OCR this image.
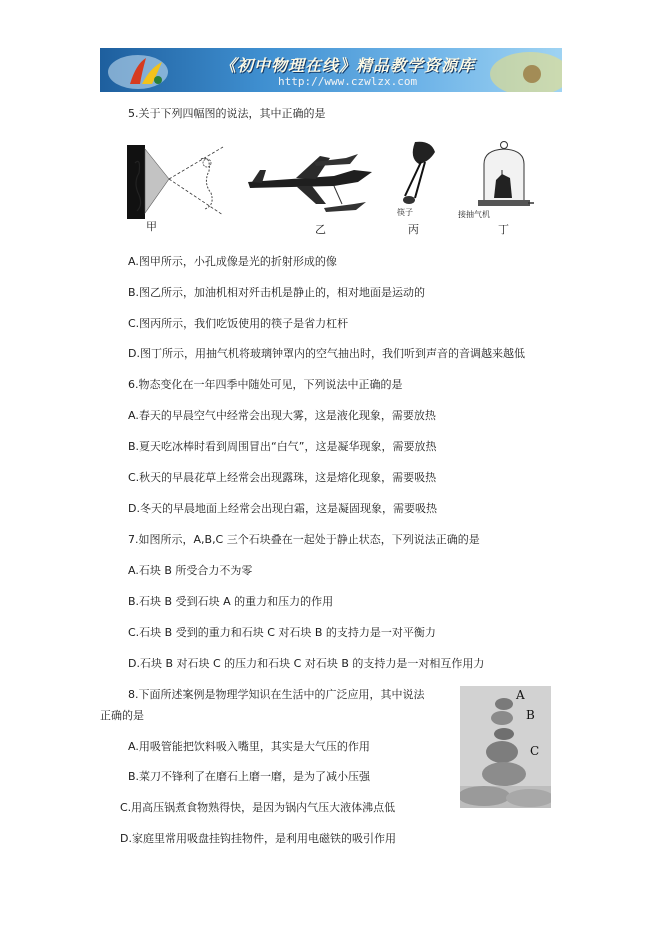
《初中物理在线》精品教学资源库
http://www.czwlzx.com
5.关于下列四幅图的说法，其中正确的是
甲	乙
筷子
丙
接抽气机
丁
A.图甲所示，小孔成像是光的折射形成的像
B.图乙所示，加油机相对歼击机是静止的，相对地面是运动的
C.图丙所示，我们吃饭使用的筷子是省力杠杆
D.图丁所示，用抽气机将玻璃钟罩内的空气抽出时，我们听到声音的音调越来越低
6.物态变化在一年四季中随处可见，下列说法中正确的是
A.春天的早晨空气中经常会出现大雾，这是液化现象，需要放热
B.夏天吃冰棒时看到周围冒出“白气”，这是凝华现象，需要放热
C.秋天的早晨花草上经常会出现露珠，这是熔化现象，需要吸热
D.冬天的早晨地面上经常会出现白霜，这是凝固现象，需要吸热
7.如图所示，A,B,C 三个石块叠在一起处于静止状态，下列说法正确的是
A.石块 B 所受合力不为零
B.石块 B 受到石块 A 的重力和压力的作用
C.石块 B 受到的重力和石块 C 对石块 B 的支持力是一对平衡力
D.石块 B 对石块 C 的压力和石块 C 对石块 B 的支持力是一对相互作用力
8.下面所述案例是物理学知识在生活中的广泛应用，其中说法
正确的是
A.用吸管能把饮料吸入嘴里，其实是大气压的作用
B.菜刀不锋利了在磨石上磨一磨，是为了减小压强
C.用高压锅煮食物熟得快，是因为锅内气压大液体沸点低
D.家庭里常用吸盘挂钩挂物件，是利用电磁铁的吸引作用
A
B
C
